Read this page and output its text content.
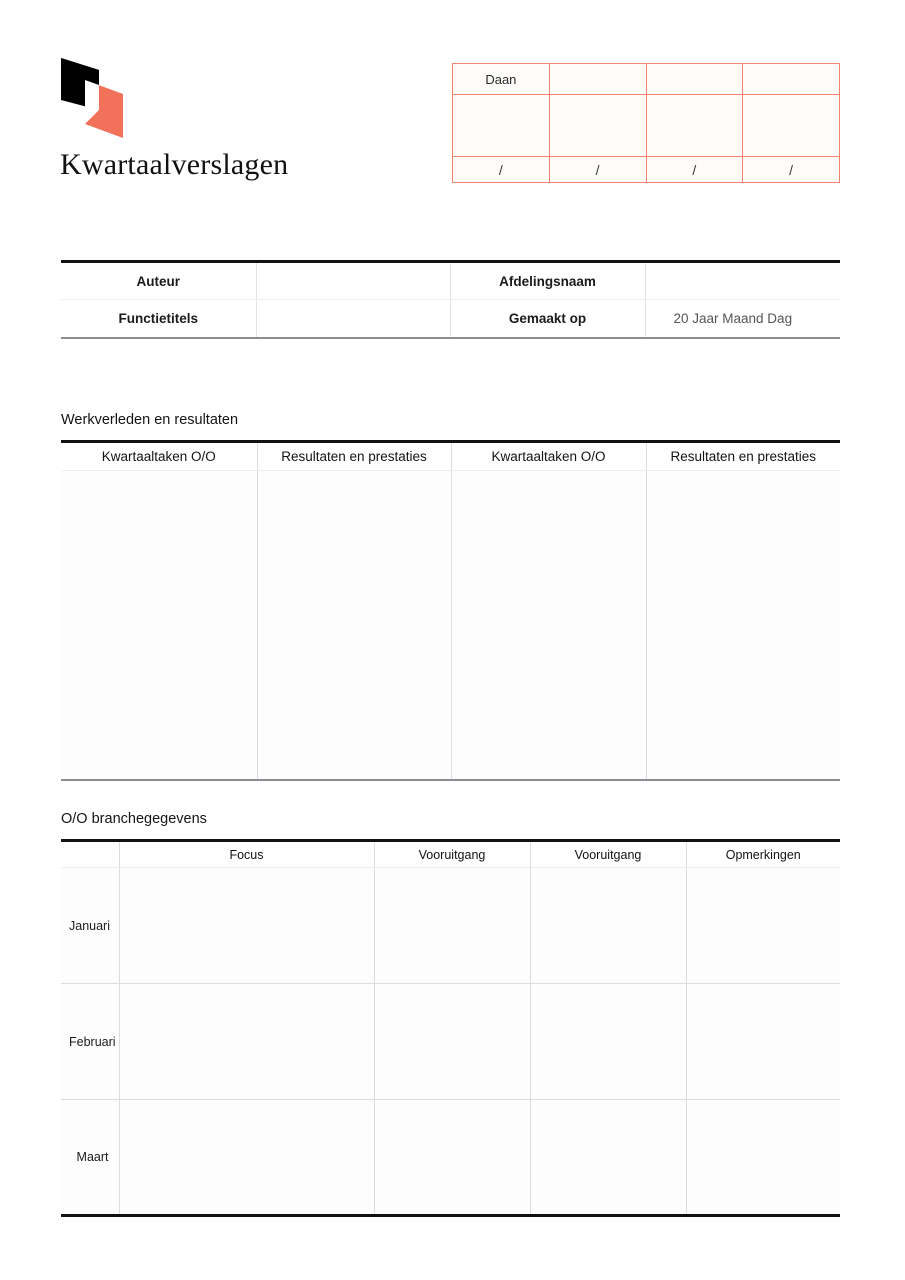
Kwartaalverslagen
Daan			

/	/	/	/
Auteur		Afdelingsnaam	
Functietitels		Gemaakt op	20 Jaar Maand Dag
Werkverleden en resultaten
Kwartaaltaken O/O	Resultaten en prestaties	Kwartaaltaken O/O	Resultaten en prestaties

O/O branchegegevens
	Focus	Vooruitgang	Vooruitgang	Opmerkingen
Januari				
Februari				
Maart				
